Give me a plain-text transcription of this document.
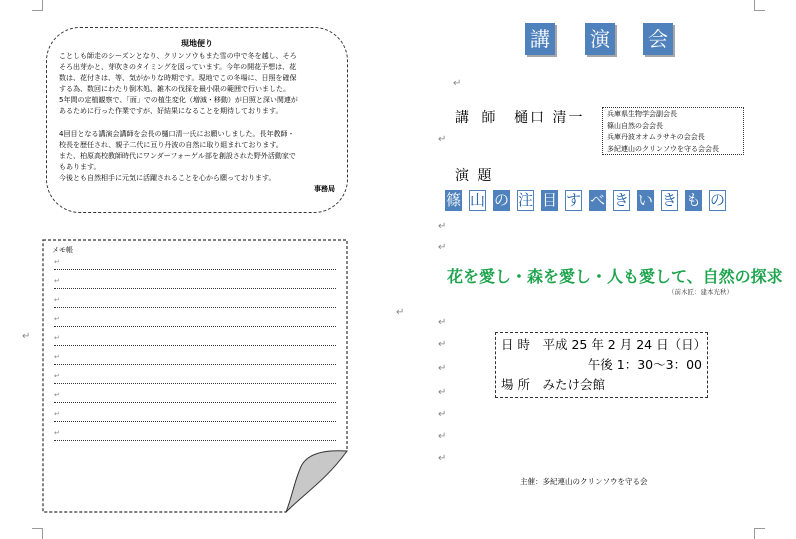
↵
↵
↵
↵
↵
↵
↵
↵
↵
↵
↵
↵
↵
現地便り
ことしも師走のシーズンとなり、クリンソウもまた雪の中で冬を越し、そろ
そろ出芽かと、芽吹きのタイミングを図っています。今年の開花予想は、花
数は、花付きは、等、気がかりな時期です。現地でこの冬場に、日照を確保
する為、数回にわたり倒木処、雑木の伐採を最小限の範囲で行いました。
5年間の定植観察で、「面」での植生変化（増減・移動）が日照と深い関連が
あるために行った作業ですが、好結果になることを期待しております。
4回目となる講演会講師を会長の樋口清一氏にお願いしました。長年教師・
校長を歴任され、親子二代に亘り丹波の自然に取り組まれております。
また、柏原高校教師時代にワンダーフォーゲル部を創設された野外活動家で
もあります。
今後とも自然相手に元気に活躍されることを心から願っております。
事務局
メモ帳
↵
↵
↵
↵
↵
↵
↵
↵
↵
↵
講 演 会
講 師 樋口 清一	兵庫県生物学会副会長
篠山自然の会会長
兵庫丹波オオムラサキの会会長
多紀連山のクリンソウを守る会会長
演 題
篠 山 の 注 目 す べ き い き も の
花を愛し・森を愛し・人も愛して、自然の探求
（前木匠：建本光秋）
日 時　平成 25 年 2 月 24 日（日）
午後 1：30～3：00
場 所　みたけ会館
主催：多紀連山のクリンソウを守る会
